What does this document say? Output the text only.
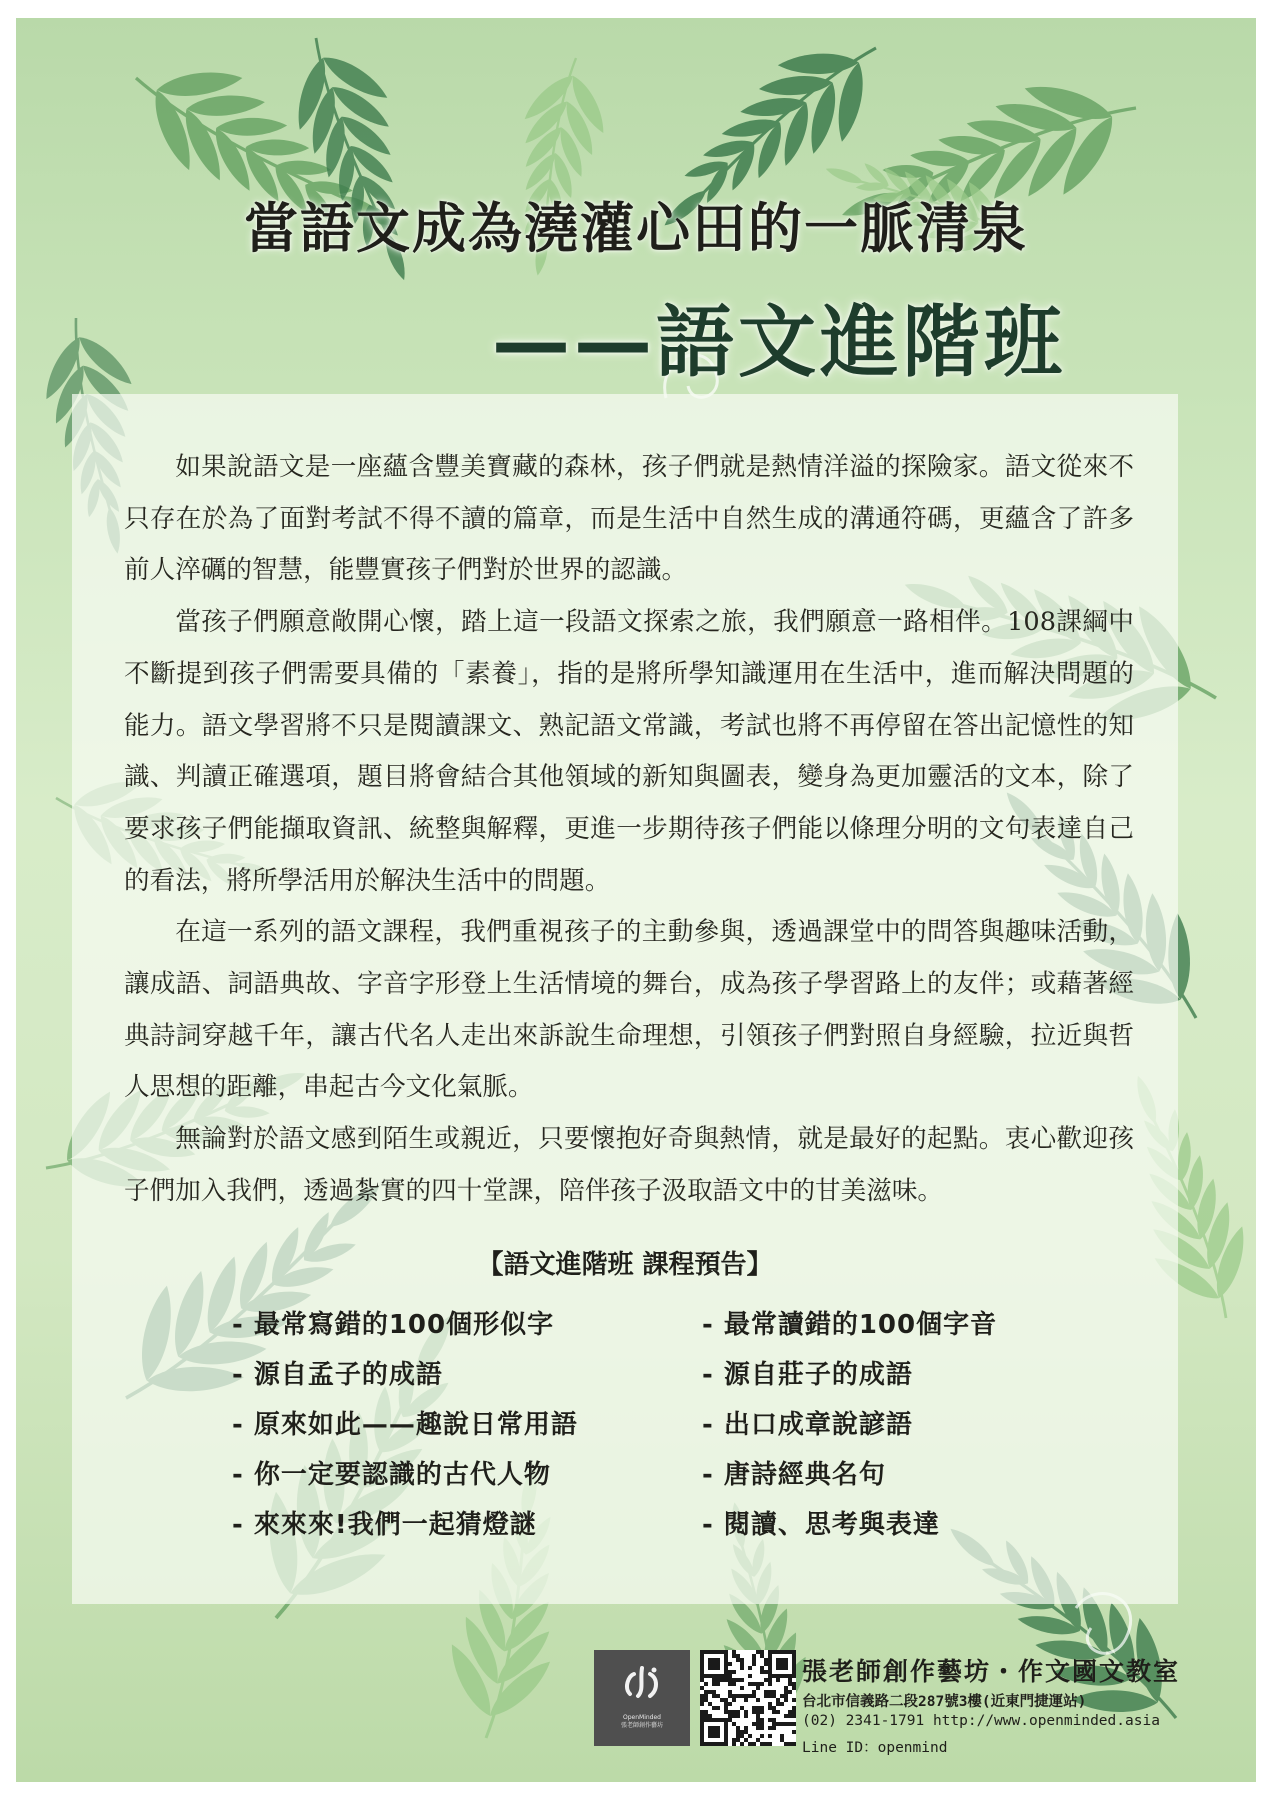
當語文成為澆灌心田的一脈清泉
——語文進階班

如果說語文是一座蘊含豐美寶藏的森林，孩子們就是熱情洋溢的探險家。語文從來不只存在於為了面對考試不得不讀的篇章，而是生活中自然生成的溝通符碼，更蘊含了許多前人淬礪的智慧，能豐實孩子們對於世界的認識。

當孩子們願意敞開心懷，踏上這一段語文探索之旅，我們願意一路相伴。108課綱中不斷提到孩子們需要具備的「素養」，指的是將所學知識運用在生活中，進而解決問題的能力。語文學習將不只是閱讀課文、熟記語文常識，考試也將不再停留在答出記憶性的知識、判讀正確選項，題目將會結合其他領域的新知與圖表，變身為更加靈活的文本，除了要求孩子們能擷取資訊、統整與解釋，更進一步期待孩子們能以條理分明的文句表達自己的看法，將所學活用於解決生活中的問題。

在這一系列的語文課程，我們重視孩子的主動參與，透過課堂中的問答與趣味活動，讓成語、詞語典故、字音字形登上生活情境的舞台，成為孩子學習路上的友伴；或藉著經典詩詞穿越千年，讓古代名人走出來訴說生命理想，引領孩子們對照自身經驗，拉近與哲人思想的距離，串起古今文化氣脈。

無論對於語文感到陌生或親近，只要懷抱好奇與熱情，就是最好的起點。衷心歡迎孩子們加入我們，透過紮實的四十堂課，陪伴孩子汲取語文中的甘美滋味。

【語文進階班 課程預告】
- 最常寫錯的100個形似字	- 最常讀錯的100個字音
- 源自孟子的成語	- 源自莊子的成語
- 原來如此——趣說日常用語	- 出口成章說諺語
- 你一定要認識的古代人物	- 唐詩經典名句
- 來來來!我們一起猜燈謎	- 閱讀、思考與表達
OpenMinded
張老師創作藝坊
張老師創作藝坊・作文國文教室
台北市信義路二段287號3樓(近東門捷運站)
(02) 2341-1791 http://www.openminded.asia
Line ID：openmind
